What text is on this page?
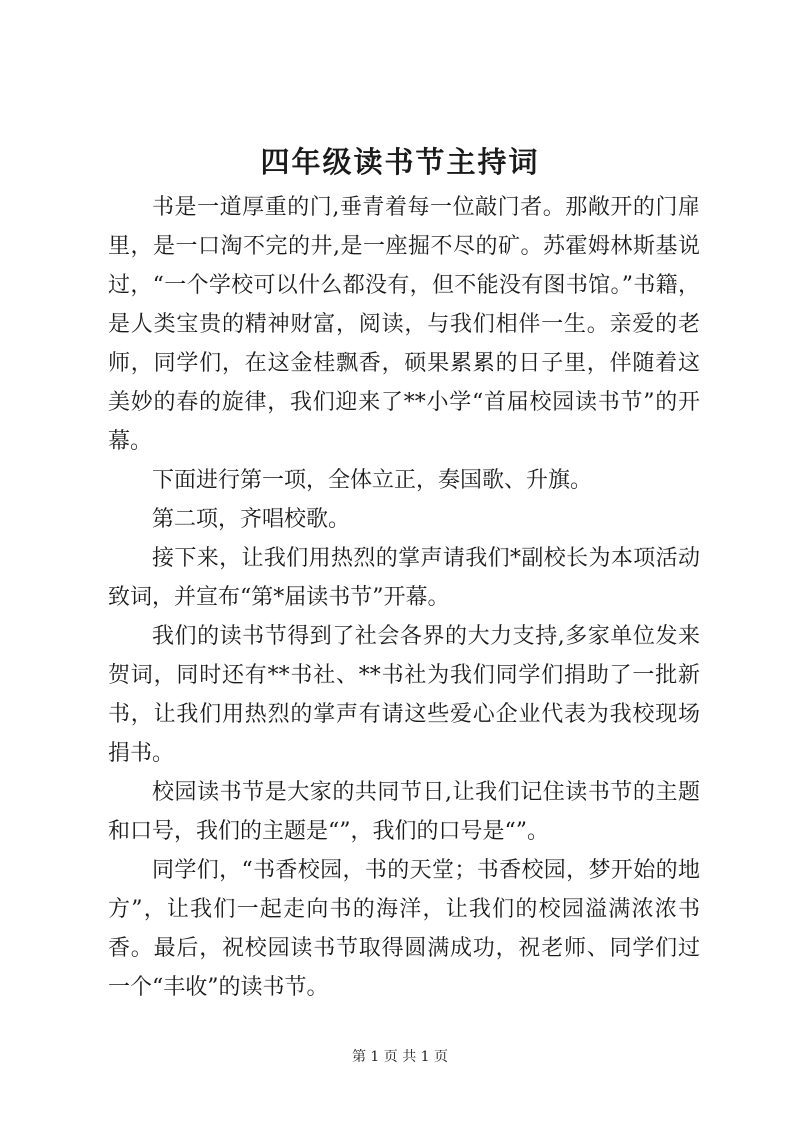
四年级读书节主持词

书是一道厚重的门,垂青着每一位敲门者。那敞开的门扉里，是一口淘不完的井,是一座掘不尽的矿。苏霍姆林斯基说过，“一个学校可以什么都没有，但不能没有图书馆。”书籍，是人类宝贵的精神财富，阅读，与我们相伴一生。亲爱的老师，同学们，在这金桂飘香，硕果累累的日子里，伴随着这美妙的春的旋律，我们迎来了**小学“首届校园读书节”的开幕。

下面进行第一项，全体立正，奏国歌、升旗。

第二项，齐唱校歌。

接下来，让我们用热烈的掌声请我们*副校长为本项活动致词，并宣布“第*届读书节”开幕。

我们的读书节得到了社会各界的大力支持,多家单位发来贺词，同时还有**书社、**书社为我们同学们捐助了一批新书，让我们用热烈的掌声有请这些爱心企业代表为我校现场捐书。

校园读书节是大家的共同节日,让我们记住读书节的主题和口号，我们的主题是“”，我们的口号是“”。

同学们，“书香校园，书的天堂；书香校园，梦开始的地方”，让我们一起走向书的海洋，让我们的校园溢满浓浓书香。最后，祝校园读书节取得圆满成功，祝老师、同学们过一个“丰收”的读书节。

第 1 页 共 1 页
